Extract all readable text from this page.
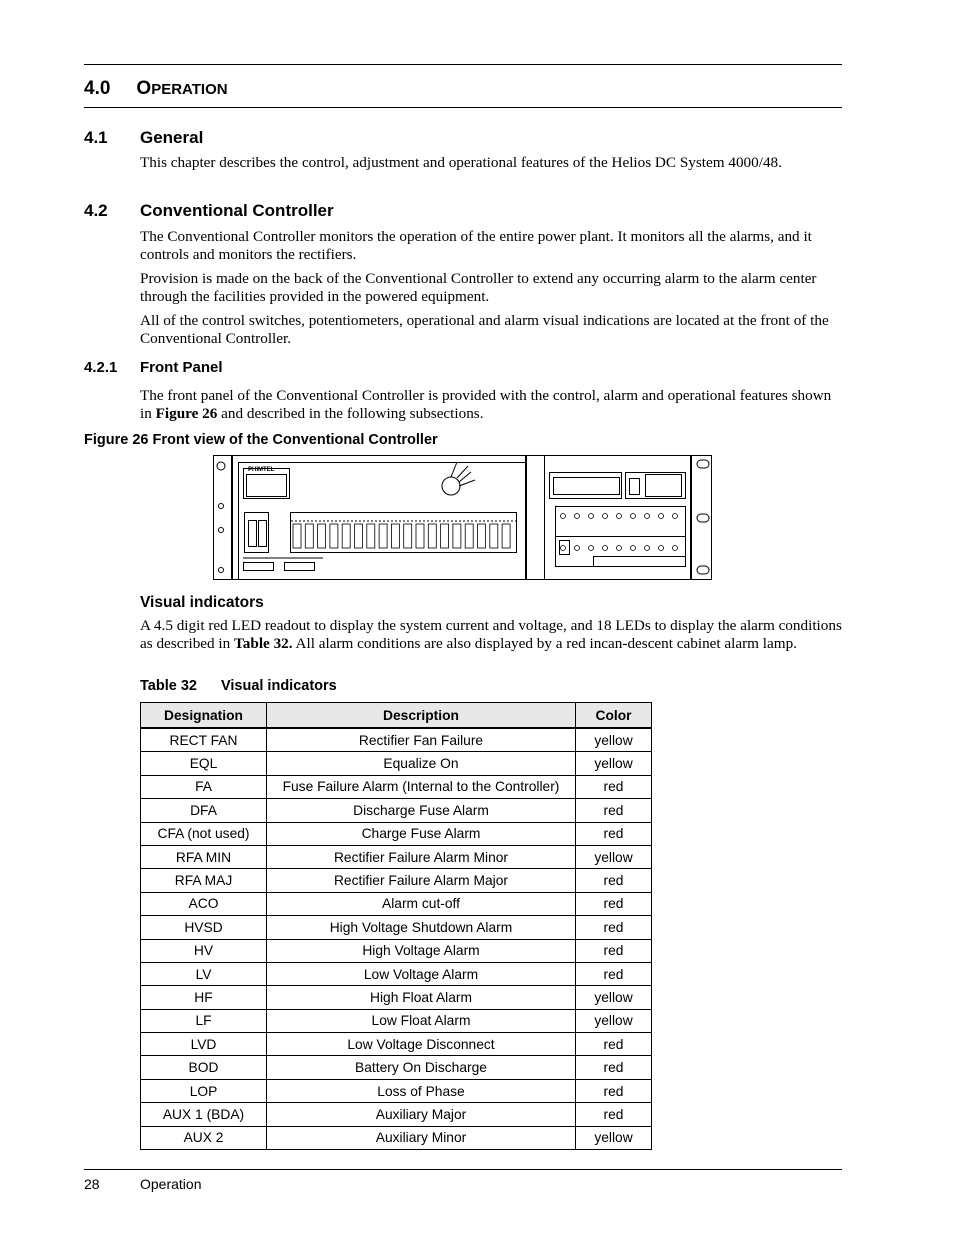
4.0 OPERATION
4.1 General
This chapter describes the control, adjustment and operational features of the Helios DC System 4000/48.
4.2 Conventional Controller
The Conventional Controller monitors the operation of the entire power plant. It monitors all the alarms, and it controls and monitors the rectifiers.
Provision is made on the back of the Conventional Controller to extend any occurring alarm to the alarm center through the facilities provided in the powered equipment.
All of the control switches, potentiometers, operational and alarm visual indications are located at the front of the Conventional Controller.
4.2.1 Front Panel
The front panel of the Conventional Controller is provided with the control, alarm and operational features shown in Figure 26 and described in the following subsections.
Figure 26 Front view of the Conventional Controller
PHIMTEL
Visual indicators
A 4.5 digit red LED readout to display the system current and voltage, and 18 LEDs to display the alarm conditions as described in Table 32. All alarm conditions are also displayed by a red incan-descent cabinet alarm lamp.
Table 32 Visual indicators
Designation	Description	Color
RECT FAN	Rectifier Fan Failure	yellow
EQL	Equalize On	yellow
FA	Fuse Failure Alarm (Internal to the Controller)	red
DFA	Discharge Fuse Alarm	red
CFA (not used)	Charge Fuse Alarm	red
RFA MIN	Rectifier Failure Alarm Minor	yellow
RFA MAJ	Rectifier Failure Alarm Major	red
ACO	Alarm cut-off	red
HVSD	High Voltage Shutdown Alarm	red
HV	High Voltage Alarm	red
LV	Low Voltage Alarm	red
HF	High Float Alarm	yellow
LF	Low Float Alarm	yellow
LVD	Low Voltage Disconnect	red
BOD	Battery On Discharge	red
LOP	Loss of Phase	red
AUX 1 (BDA)	Auxiliary Major	red
AUX 2	Auxiliary Minor	yellow
28	Operation
